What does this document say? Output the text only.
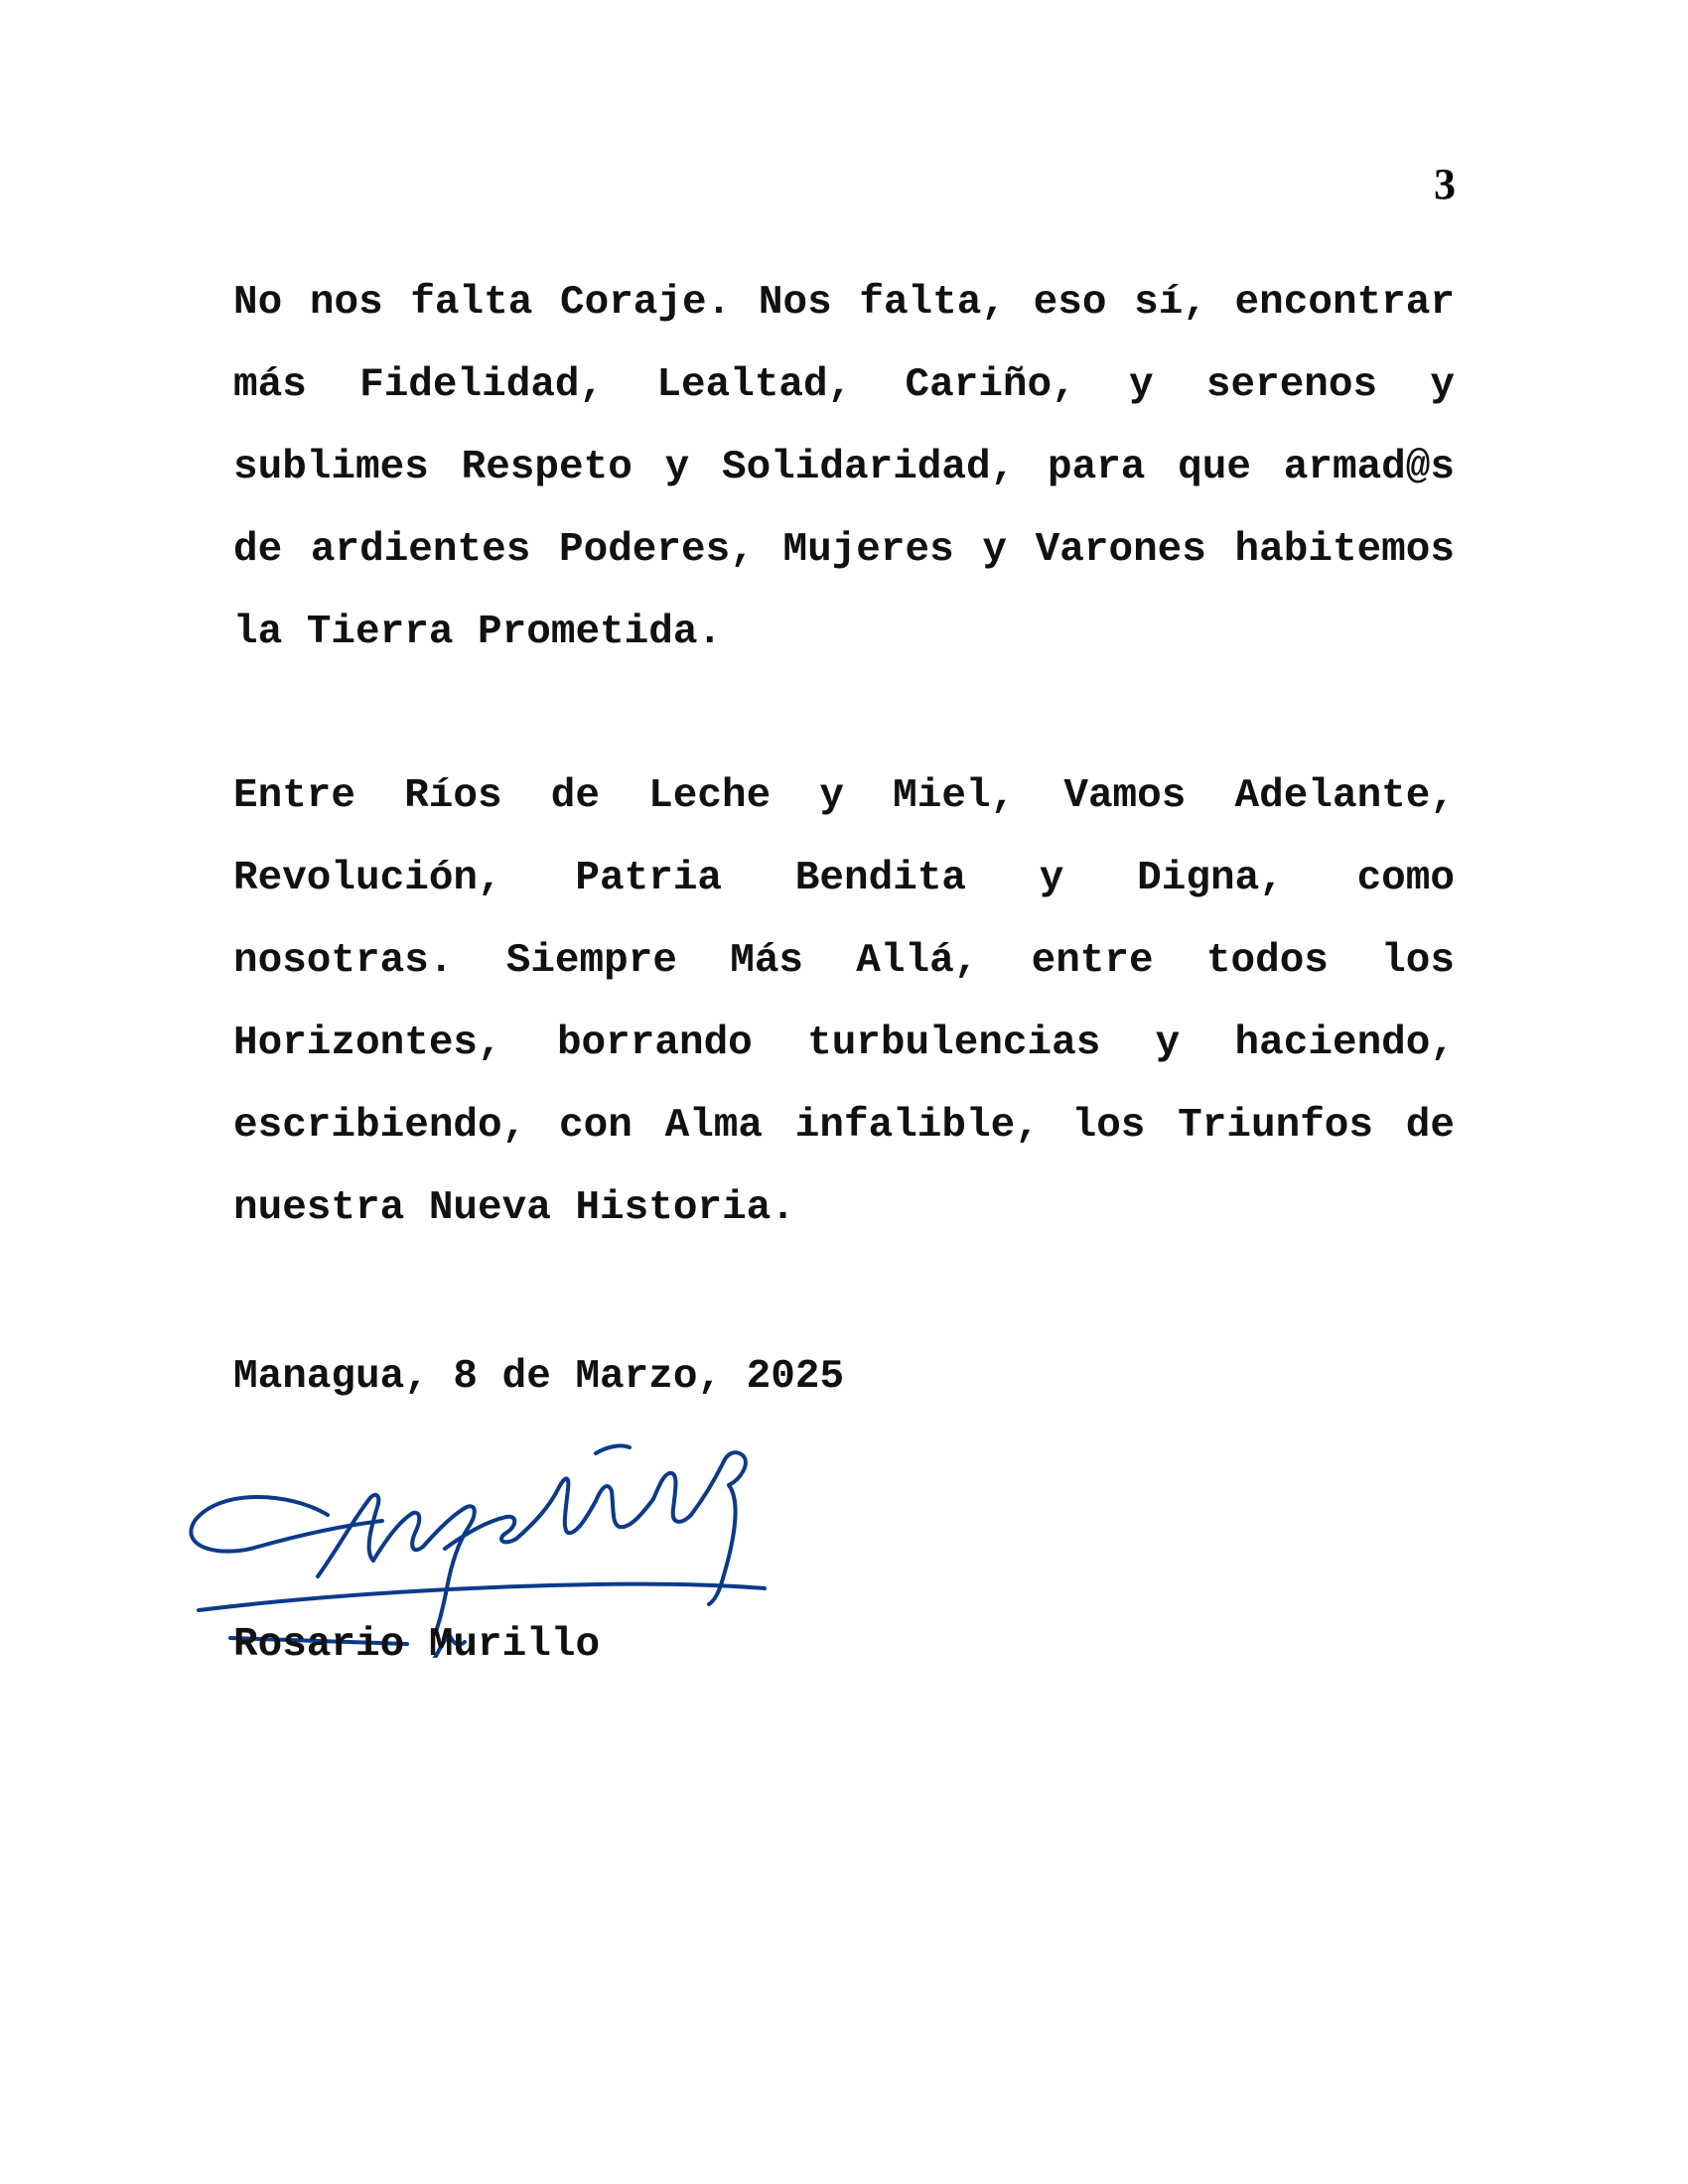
3

No nos falta Coraje. Nos falta, eso sí, encontrar más Fidelidad, Lealtad, Cariño, y serenos y sublimes Respeto y Solidaridad, para que armad@s de ardientes Poderes, Mujeres y Varones habitemos la Tierra Prometida.

Entre Ríos de Leche y Miel, Vamos Adelante, Revolución, Patria Bendita y Digna, como nosotras. Siempre Más Allá, entre todos los Horizontes, borrando turbulencias y haciendo, escribiendo, con Alma infalible, los Triunfos de nuestra Nueva Historia.

Managua, 8 de Marzo, 2025
Rosario Murillo
